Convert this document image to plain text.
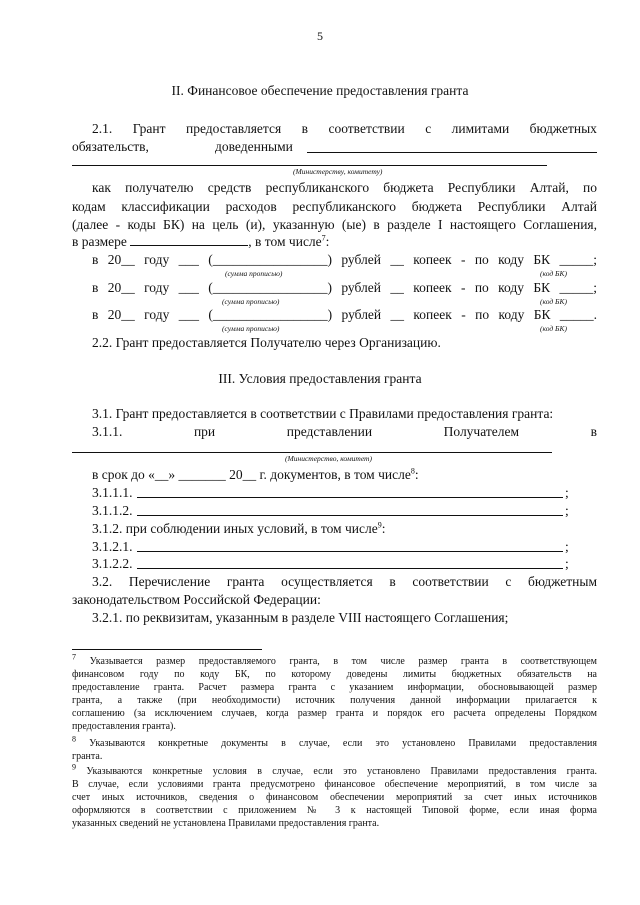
5
II. Финансовое обеспечение предоставления гранта
2.1. Грант предоставляется в соответствии с лимитами бюджетных
обязательств,	доведенными
(Министерству, комитету)
как получателю средств республиканского бюджета Республики Алтай, по
кодам классификации расходов республиканского бюджета Республики Алтай
(далее - коды БК) на цель (и), указанную (ые) в разделе I настоящего Соглашения,
в размере	, в том числе$^7$:
в 20__ году ___ (_________________) рублей __ копеек - по коду БК _____;
(сумма прописью)	(код БК)
в 20__ году ___ (_________________) рублей __ копеек - по коду БК _____;
(сумма прописью)	(код БК)
в 20__ году ___ (_________________) рублей __ копеек - по коду БК _____.
(сумма прописью)	(код БК)
2.2. Грант предоставляется Получателю через Организацию.
III. Условия предоставления гранта
3.1. Грант предоставляется в соответствии с Правилами предоставления гранта:
3.1.1.	при	представлении	Получателем	в
(Министерство, комитет)
в срок до «__» _______ 20__ г. документов, в том числе$^8$:
3.1.1.1.	;
3.1.1.2.	;
3.1.2. при соблюдении иных условий, в том числе$^9$:
3.1.2.1.	;
3.1.2.2.	;
3.2. Перечисление гранта осуществляется в соответствии с бюджетным
законодательством Российской Федерации:
3.2.1. по реквизитам, указанным в разделе VIII настоящего Соглашения;
$^7$ Указывается размер предоставляемого гранта, в том числе размер гранта в соответствующем
финансовом году по коду БК, по которому доведены лимиты бюджетных обязательств на
предоставление гранта. Расчет размера гранта с указанием информации, обосновывающей размер
гранта, а также (при необходимости) источник получения данной информации прилагается к
соглашению (за исключением случаев, когда размер гранта и порядок его расчета определены Порядком
предоставления гранта).
$^8$ Указываются конкретные документы в случае, если это установлено Правилами предоставления
гранта.
$^9$ Указываются конкретные условия в случае, если это установлено Правилами предоставления гранта.
В случае, если условиями гранта предусмотрено финансовое обеспечение мероприятий, в том числе за
счет иных источников, сведения о финансовом обеспечении мероприятий за счет иных источников
оформляются в соответствии с приложением № 3 к настоящей Типовой форме, если иная форма
указанных сведений не установлена Правилами предоставления гранта.
